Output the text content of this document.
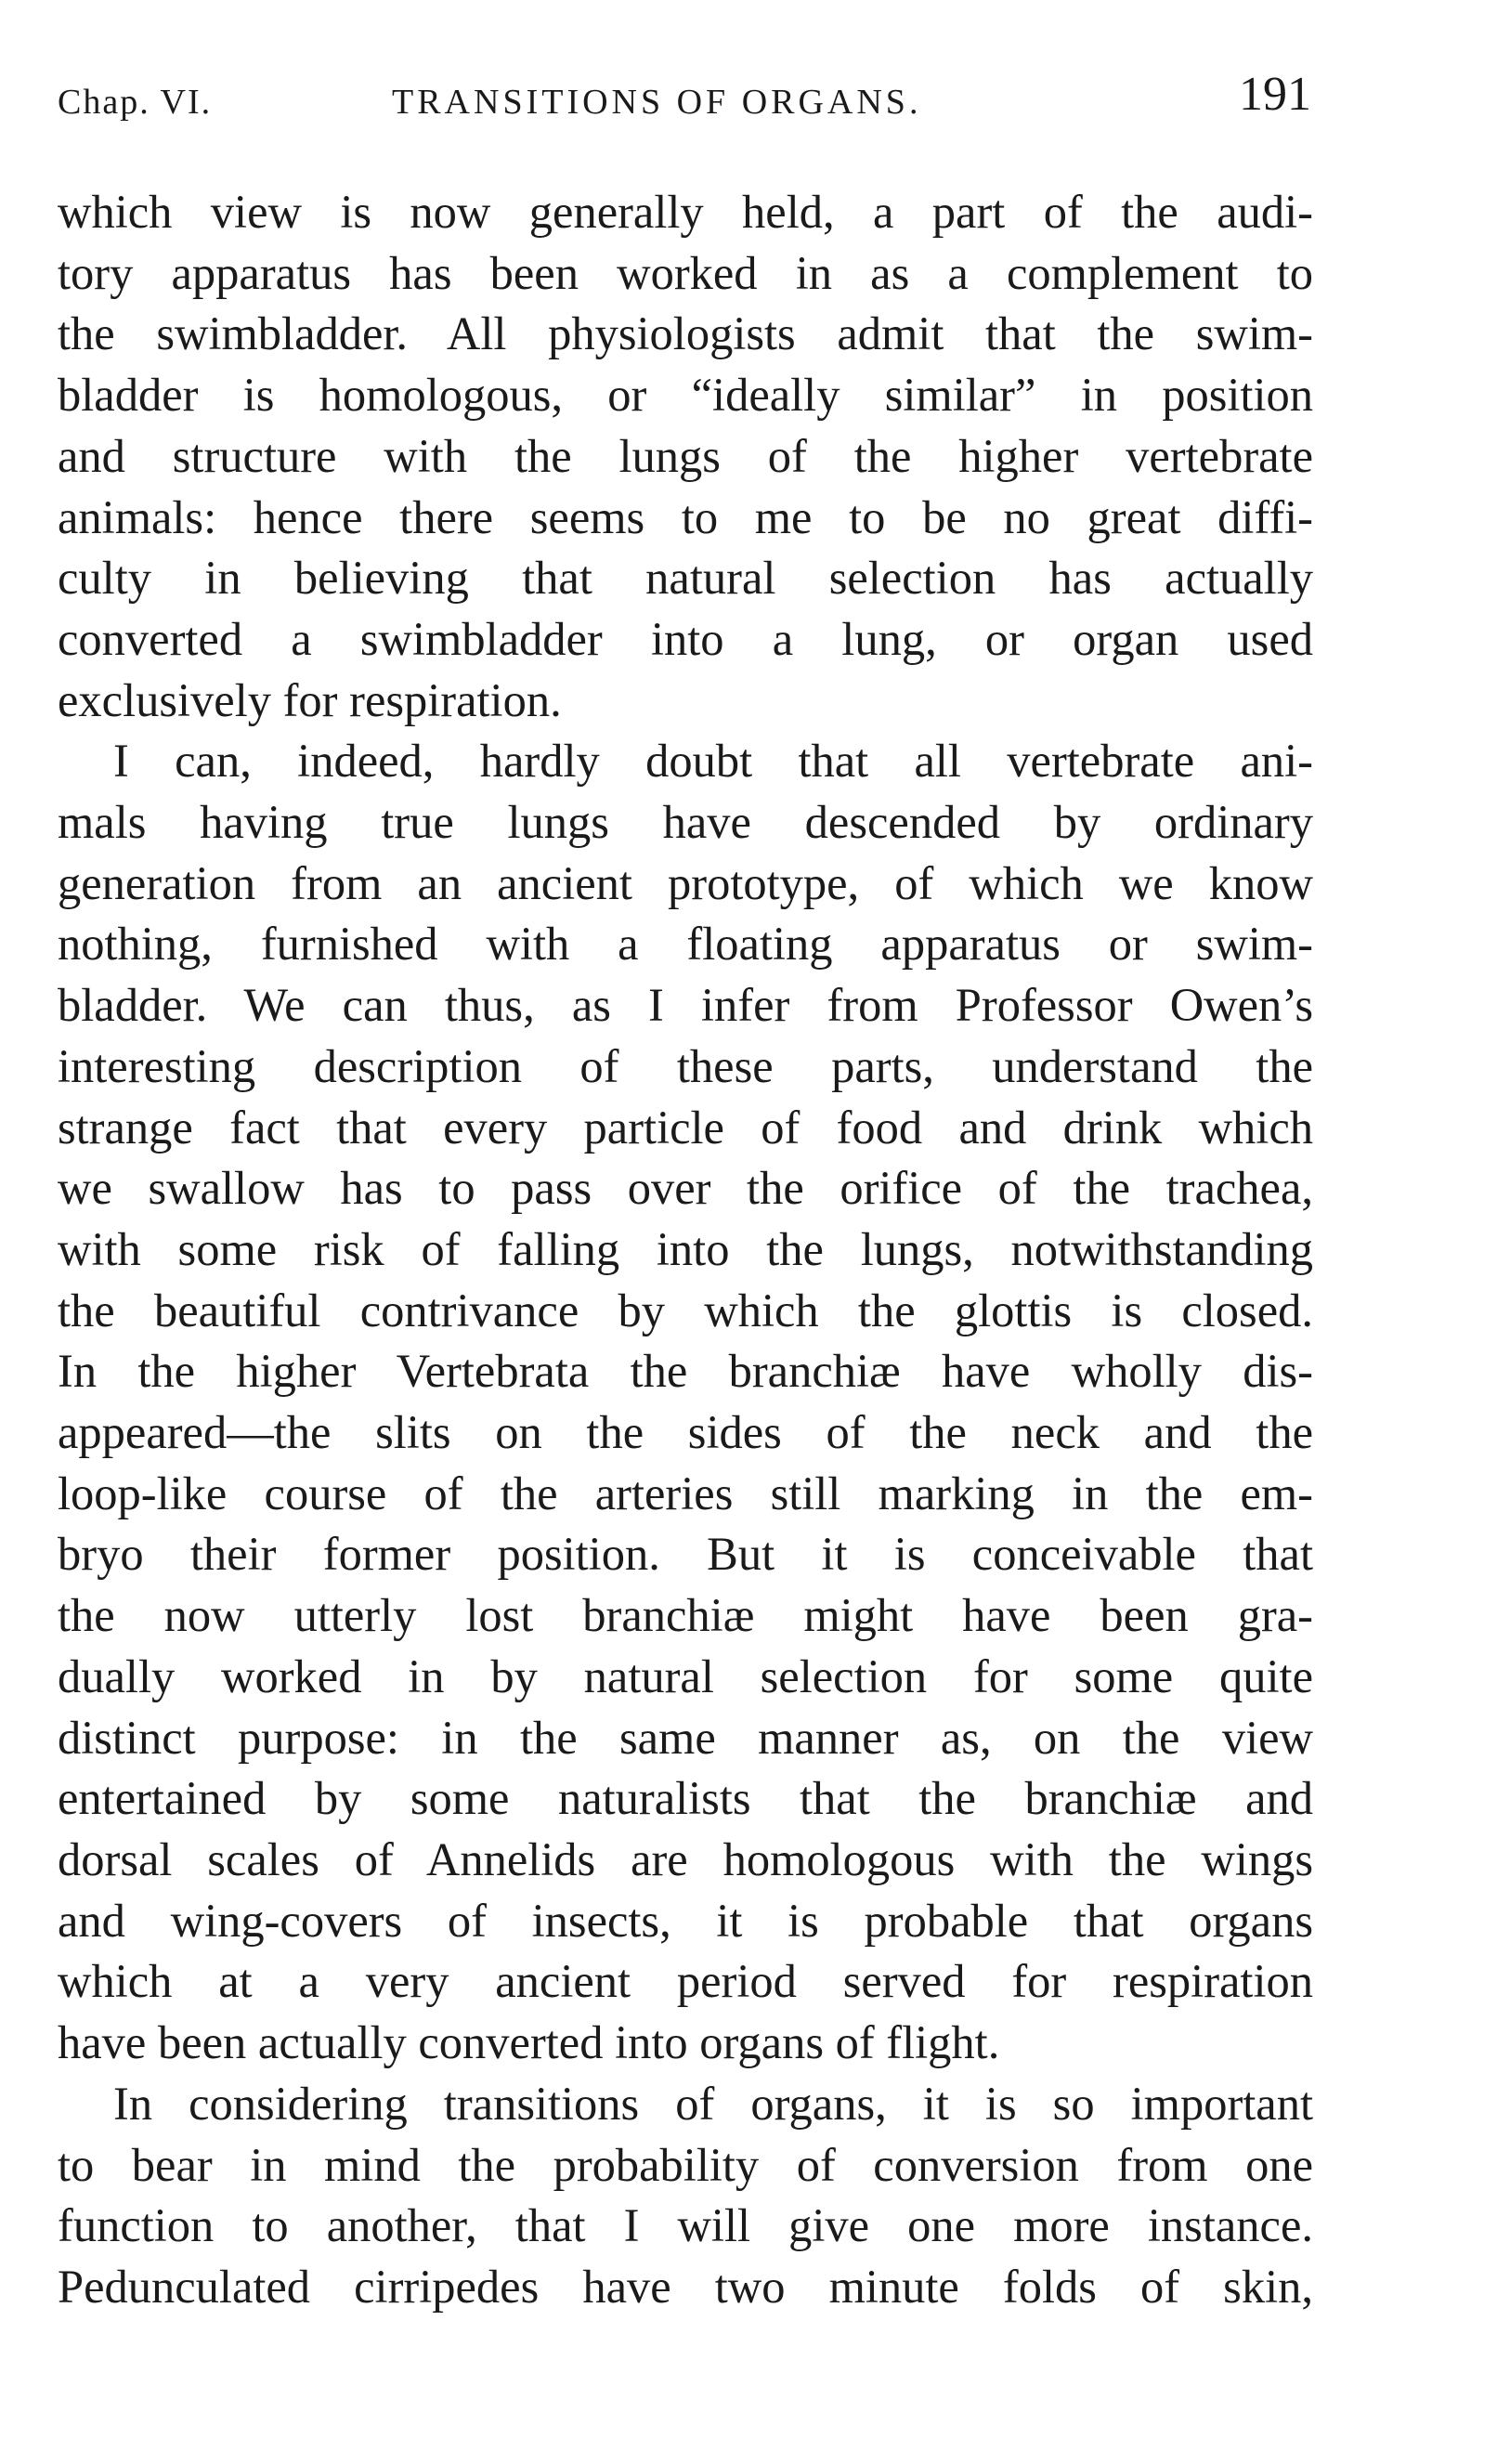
Chap. VI.	TRANSITIONS OF ORGANS.	191
which view is now generally held, a part of the audi-
tory apparatus has been worked in as a complement to
the swimbladder. All physiologists admit that the swim-
bladder is homologous, or “ideally similar” in position
and structure with the lungs of the higher vertebrate
animals: hence there seems to me to be no great diffi-
culty in believing that natural selection has actually
converted a swimbladder into a lung, or organ used
exclusively for respiration.
I can, indeed, hardly doubt that all vertebrate ani-
mals having true lungs have descended by ordinary
generation from an ancient prototype, of which we know
nothing, furnished with a floating apparatus or swim-
bladder. We can thus, as I infer from Professor Owen’s
interesting description of these parts, understand the
strange fact that every particle of food and drink which
we swallow has to pass over the orifice of the trachea,
with some risk of falling into the lungs, notwithstanding
the beautiful contrivance by which the glottis is closed.
In the higher Vertebrata the branchiæ have wholly dis-
appeared—the slits on the sides of the neck and the
loop-like course of the arteries still marking in the em-
bryo their former position. But it is conceivable that
the now utterly lost branchiæ might have been gra-
dually worked in by natural selection for some quite
distinct purpose: in the same manner as, on the view
entertained by some naturalists that the branchiæ and
dorsal scales of Annelids are homologous with the wings
and wing-covers of insects, it is probable that organs
which at a very ancient period served for respiration
have been actually converted into organs of flight.
In considering transitions of organs, it is so important
to bear in mind the probability of conversion from one
function to another, that I will give one more instance.
Pedunculated cirripedes have two minute folds of skin,
